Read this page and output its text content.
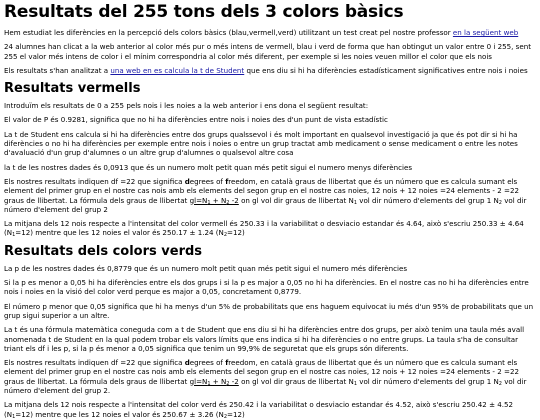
Resultats del 255 tons dels 3 colors bàsics

Hem estudiat les diferències en la percepció dels colors bàsics (blau,vermell,verd) utilitzant un test creat pel nostre professor en la següent web

24 alumnes han clicat a la web anterior al color més pur o més intens de vermell, blau i verd de forma que han obtingut un valor entre 0 i 255, sent 255 el valor més intens de color i el mínim correspondria al color més diferent, per exemple si les noies veuen millor el color que els nois

Els resultats s'han analitzat a una web en es calcula la t de Student que ens diu si hi ha diferències estadísticament significatives entre nois i noies

Resultats vermells

Introduïm els resultats de 0 a 255 pels nois i les noies a la web anterior i ens dona el següent resultat:

El valor de P és 0.9281, significa que no hi ha diferències entre nois i noies des d'un punt de vista estadístic

La t de Student ens calcula si hi ha diferències entre dos grups qualssevol i és molt important en qualsevol investigació ja que és pot dir si hi ha diferències o no hi ha diferències per exemple entre nois i noies o entre un grup tractat amb medicament o sense medicament o entre les notes d'avaluació d'un grup d'alumnes o un altre grup d'alumnes o qualsevol altre cosa

la t de les nostres dades és 0,0913 que és un numero molt petit quan més petit sigui el numero menys diferències

Els nostres resultats indiquen df =22 que significa degrees of freedom, en català graus de llibertat que és un número que es calcula sumant els element del primer grup en el nostre cas nois amb els elements del segon grup en el nostre cas noies, 12 nois + 12 noies =24 elements - 2 =22 graus de llibertat. La fórmula dels graus de llibertat $gl=N_1 + N_2$ -2 on gl vol dir graus de llibertat $N_1$ vol dir número d'elements del grup 1 $N_2$ vol dir número d'element del grup 2

La mitjana dels 12 nois respecte a l'intensitat del color vermell és 250.33 i la variabilitat o desviacio estandar és 4.64, això s'escriu 250.33 ± 4.64 $(N_1=12)$ mentre que les 12 noies el valor és 250.17 ± 1.24 $(N_2=12)$

Resultats dels colors verds

La p de les nostres dades és 0,8779 que és un numero molt petit quan més petit sigui el numero més diferències

Si la p es menor a 0,05 hi ha diferències entre els dos grups i si la p es major a 0,05 no hi ha diferències. En el nostre cas no hi ha diferències entre nois i noies en la visió del color verd perque es major a 0,05, concretament 0,8779.

El número p menor que 0,05 significa que hi ha menys d'un 5% de probabilitats que ens haguem equivocat iu més d'un 95% de probabilitats que un grup sigui superior a un altre.

La t és una fórmula matemàtica coneguda com a t de Student que ens diu si hi ha diferències entre dos grups, per això tenim una taula més avall anomenada t de Student en la qual podem trobar els valors límits que ens indica si hi ha diferències o no entre grups. La taula s'ha de consultar triant els df i les p, si la p és menor a 0,05 significa que tenim un 99,9% de seguretat que els grups són diferents.

Els nostres resultats indiquen df =22 que significa degrees of freedom, en català graus de llibertat que és un número que es calcula sumant els element del primer grup en el nostre cas nois amb els elements del segon grup en el nostre cas noies, 12 nois + 12 noies =24 elements - 2 =22 graus de llibertat. La fórmula dels graus de llibertat $gl=N_1 + N_2$ -2 on gl vol dir graus de llibertat $N_1$ vol dir número d'elements del grup 1 $N_2$ vol dir número d'element del grup 2.

La mitjana dels 12 nois respecte a l'intensitat del color verd és 250.42 i la variabilitat o desviacio estandar és 4.52, això s'escriu 250.42 ± 4.52 $(N_1=12)$ mentre que les 12 noies el valor és 250.67 ± 3.26 $(N_2=12)$
